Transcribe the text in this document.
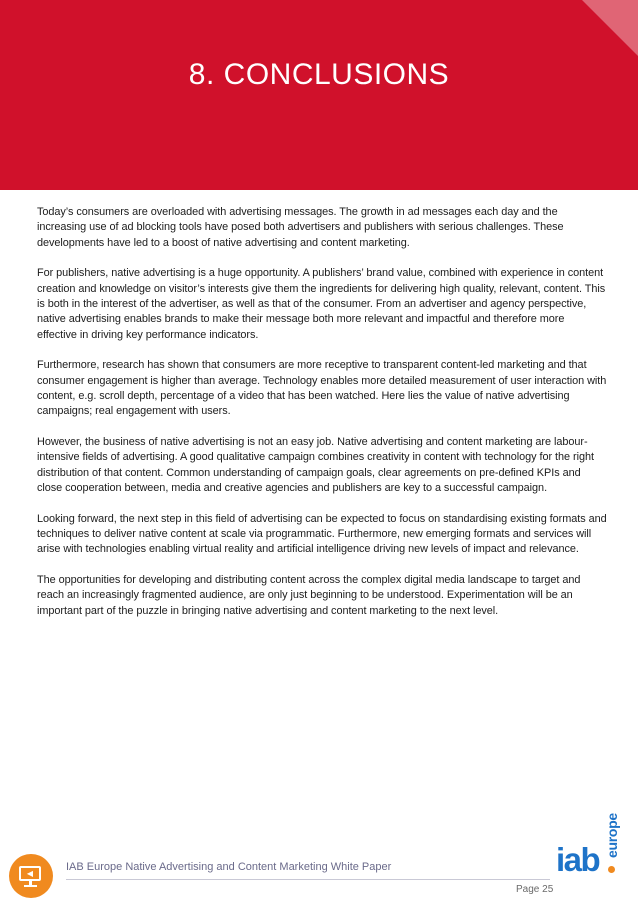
8. CONCLUSIONS

Today’s consumers are overloaded with advertising messages. The growth in ad messages each day and the increasing use of ad blocking tools have posed both advertisers and publishers with serious challenges. These developments have led to a boost of native advertising and content marketing.

For publishers, native advertising is a huge opportunity. A publishers’ brand value, combined with experience in content creation and knowledge on visitor’s interests give them the ingredients for delivering high quality, relevant, content. This is both in the interest of the advertiser, as well as that of the consumer. From an advertiser and agency perspective, native advertising enables brands to make their message both more relevant and impactful and therefore more effective in driving key performance indicators.

Furthermore, research has shown that consumers are more receptive to transparent content-led marketing and that consumer engagement is higher than average. Technology enables more detailed measurement of user interaction with content, e.g. scroll depth, percentage of a video that has been watched. Here lies the value of native advertising campaigns; real engagement with users.

However, the business of native advertising is not an easy job. Native advertising and content marketing are labour-intensive fields of advertising. A good qualitative campaign combines creativity in content with technology for the right distribution of that content. Common understanding of campaign goals, clear agreements on pre-defined KPIs and close cooperation between, media and creative agencies and publishers are key to a successful campaign.

Looking forward, the next step in this field of advertising can be expected to focus on standardising existing formats and techniques to deliver native content at scale via programmatic. Furthermore, new emerging formats and services will arise with technologies enabling virtual reality and artificial intelligence driving new levels of impact and relevance.

The opportunities for developing and distributing content across the complex digital media landscape to target and reach an increasingly fragmented audience, are only just beginning to be understood. Experimentation will be an important part of the puzzle in bringing native advertising and content marketing to the next level.

◀
IAB Europe Native Advertising and Content Marketing White Paper
Page 25
europe
iab
